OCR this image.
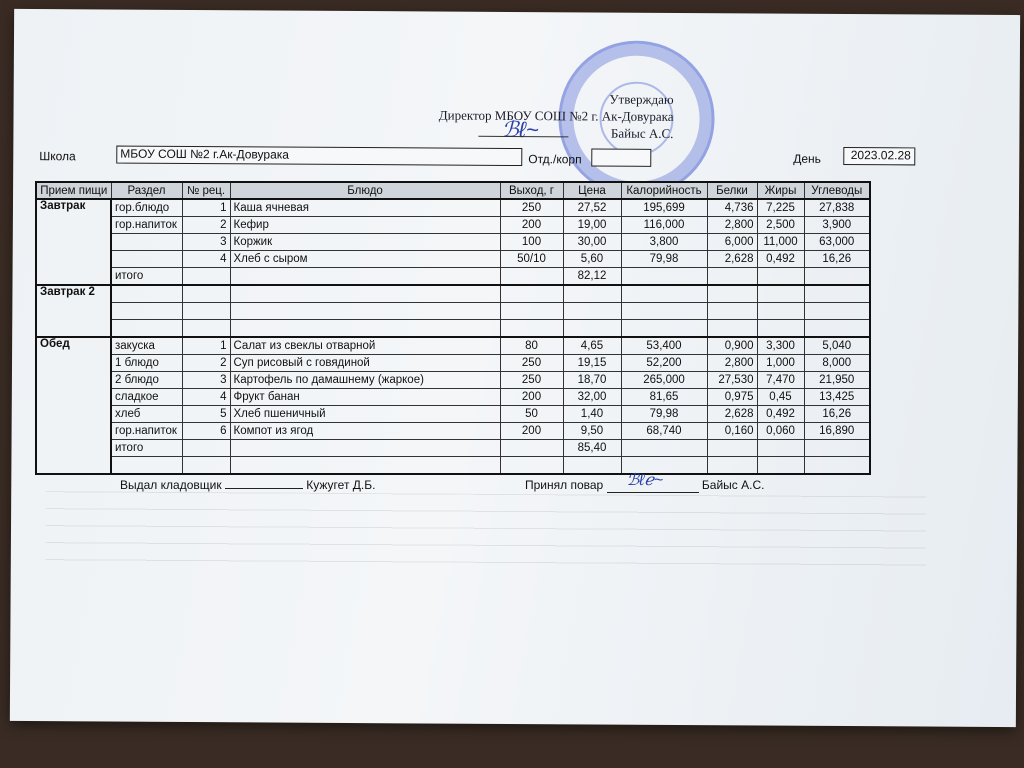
Утверждаю
Директор МБОУ СОШ №2 г. Ак-Довурака
Байыс А.С.
ℬℓ~
Школа	МБОУ СОШ №2 г.Ак-Довурака	Отд./корп	День	2023.02.28
Прием пищи	Раздел	№ рец.	Блюдо	Выход, г	Цена	Калорийность	Белки	Жиры	Углеводы
Завтрак	гор.блюдо	1	Каша ячневая	250	27,52	195,699	4,736	7,225	27,838
	гор.напиток	2	Кефир	200	19,00	116,000	2,800	2,500	3,900
		3	Коржик	100	30,00	3,800	6,000	11,000	63,000
		4	Хлеб с сыром	50/10	5,60	79,98	2,628	0,492	16,26
	итого				82,12				
Завтрак 2									

Обед	закуска	1	Салат из свеклы отварной	80	4,65	53,400	0,900	3,300	5,040
	1 блюдо	2	Суп рисовый с говядиной	250	19,15	52,200	2,800	1,000	8,000
	2 блюдо	3	Картофель по дамашнему (жаркое)	250	18,70	265,000	27,530	7,470	21,950
	сладкое	4	Фрукт банан	200	32,00	81,65	0,975	0,45	13,425
	хлеб	5	Хлеб пшеничный	50	1,40	79,98	2,628	0,492	16,26
	гор.напиток	6	Компот из ягод	200	9,50	68,740	0,160	0,060	16,890
	итого				85,40				

Выдал кладовщик	Кужугет Д.Б.	Принял повар ℬℓℯ~	Байыс А.С.
